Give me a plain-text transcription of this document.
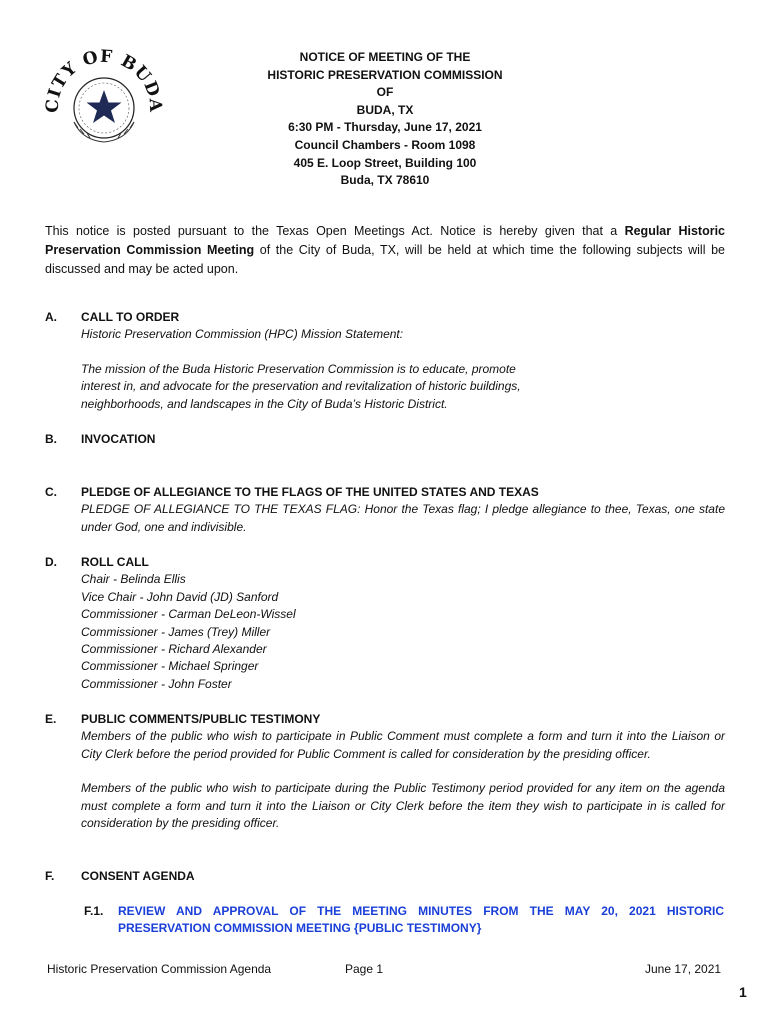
CITY OF BUDA
NOTICE OF MEETING OF THE
HISTORIC PRESERVATION COMMISSION
OF
BUDA, TX
6:30 PM - Thursday, June 17, 2021
Council Chambers - Room 1098
405 E. Loop Street, Building 100
Buda, TX 78610
This notice is posted pursuant to the Texas Open Meetings Act. Notice is hereby given that a Regular Historic Preservation Commission Meeting of the City of Buda, TX, will be held at which time the following subjects will be discussed and may be acted upon.
A. CALL TO ORDER
Historic Preservation Commission (HPC) Mission Statement:
The mission of the Buda Historic Preservation Commission is to educate, promote
interest in, and advocate for the preservation and revitalization of historic buildings,
neighborhoods, and landscapes in the City of Buda’s Historic District.
B. INVOCATION
C. PLEDGE OF ALLEGIANCE TO THE FLAGS OF THE UNITED STATES AND TEXAS
PLEDGE OF ALLEGIANCE TO THE TEXAS FLAG: Honor the Texas flag; I pledge allegiance to thee, Texas, one state under God, one and indivisible.
D. ROLL CALL
Chair - Belinda Ellis
Vice Chair - John David (JD) Sanford
Commissioner - Carman DeLeon-Wissel
Commissioner - James (Trey) Miller
Commissioner - Richard Alexander
Commissioner - Michael Springer
Commissioner - John Foster
E. PUBLIC COMMENTS/PUBLIC TESTIMONY
Members of the public who wish to participate in Public Comment must complete a form and turn it into the Liaison or City Clerk before the period provided for Public Comment is called for consideration by the presiding officer.
Members of the public who wish to participate during the Public Testimony period provided for any item on the agenda must complete a form and turn it into the Liaison or City Clerk before the item they wish to participate in is called for consideration by the presiding officer.
F. CONSENT AGENDA
F.1. REVIEW AND APPROVAL OF THE MEETING MINUTES FROM THE MAY 20, 2021 HISTORIC PRESERVATION COMMISSION MEETING {PUBLIC TESTIMONY}
Historic Preservation Commission Agenda	Page 1	June 17, 2021
1
